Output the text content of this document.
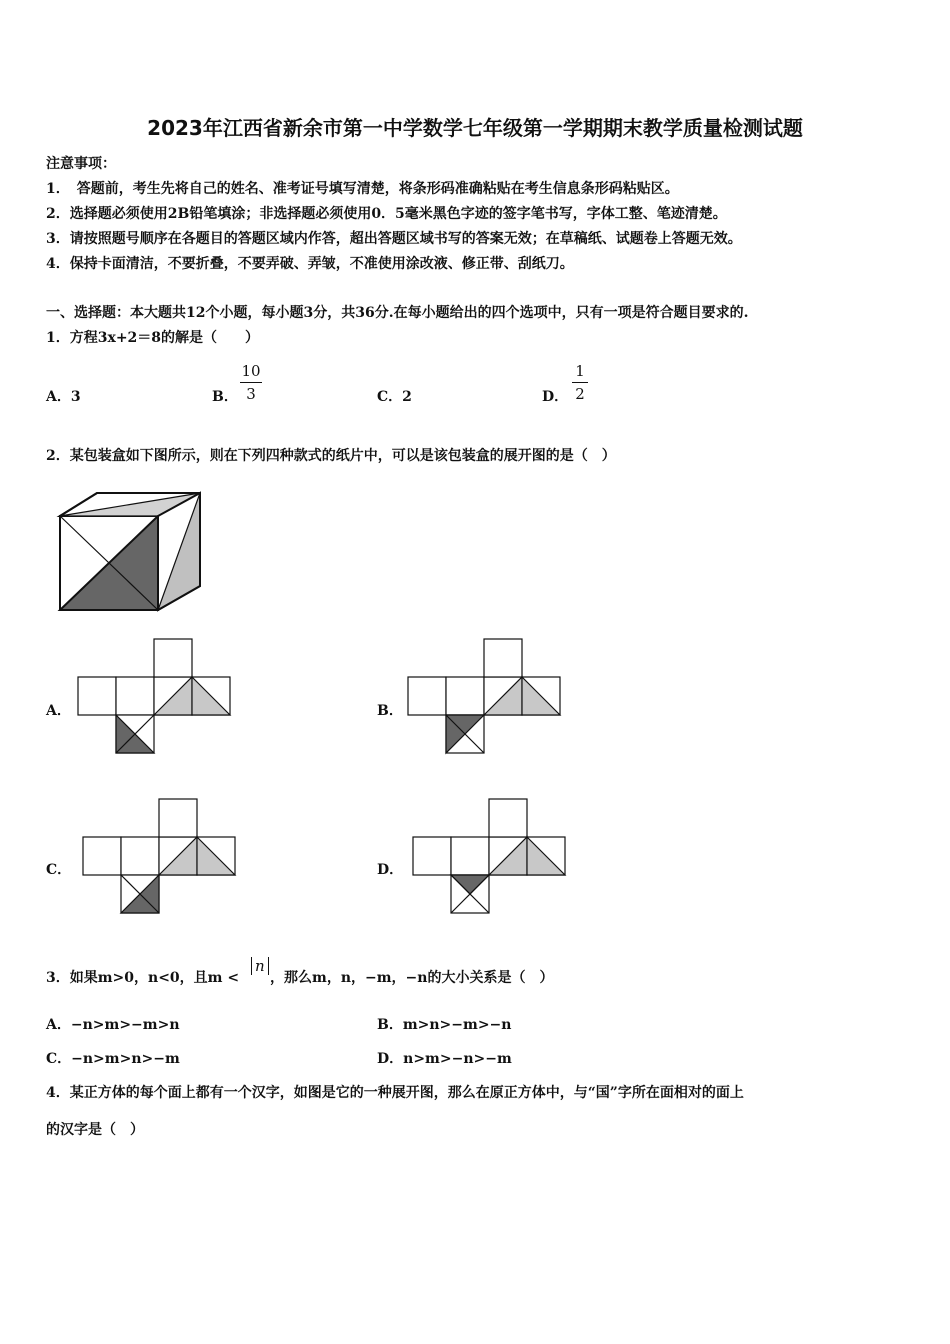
2023年江西省新余市第一中学数学七年级第一学期期末教学质量检测试题
注意事项：
1．　答题前，考生先将自己的姓名、准考证号填写清楚，将条形码准确粘贴在考生信息条形码粘贴区。
2．选择题必须使用2B铅笔填涂；非选择题必须使用0．5毫米黑色字迹的签字笔书写，字体工整、笔迹清楚。
3．请按照题号顺序在各题目的答题区域内作答，超出答题区域书写的答案无效；在草稿纸、试题卷上答题无效。
4．保持卡面清洁，不要折叠，不要弄破、弄皱，不准使用涂改液、修正带、刮纸刀。
一、选择题：本大题共12个小题，每小题3分，共36分.在每小题给出的四个选项中，只有一项是符合题目要求的.
1．方程3x+2＝8的解是（　　）
A．3	B．
10
3	C．2	D．
1
2
2．某包装盒如下图所示，则在下列四种款式的纸片中，可以是该包装盒的展开图的是（　）
A．	B．
C．	D．
3．如果m>0，n<0，且m <
n
，那么m，n，−m，−n的大小关系是（　）
A．−n>m>−m>n	B．m>n>−m>−n
C．−n>m>n>−m	D．n>m>−n>−m
4．某正方体的每个面上都有一个汉字，如图是它的一种展开图，那么在原正方体中，与“国”字所在面相对的面上
的汉字是（　）
